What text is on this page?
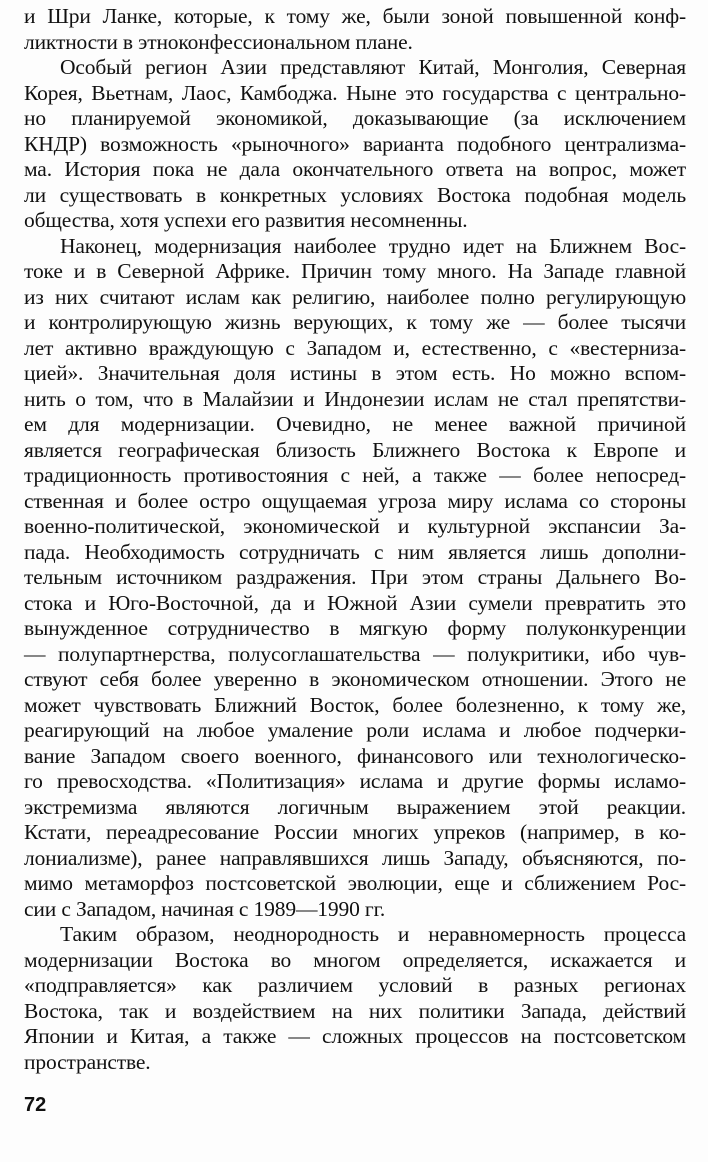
и Шри Ланке, которые, к тому же, были зоной повышенной конф-
ликтности в этноконфессиональном плане.
Особый регион Азии представляют Китай, Монголия, Северная
Корея, Вьетнам, Лаос, Камбоджа. Ныне это государства с центрально-
но планируемой экономикой, доказывающие (за исключением
КНДР) возможность «рыночного» варианта подобного централизма-
ма. История пока не дала окончательного ответа на вопрос, может
ли существовать в конкретных условиях Востока подобная модель
общества, хотя успехи его развития несомненны.
Наконец, модернизация наиболее трудно идет на Ближнем Вос-
токе и в Северной Африке. Причин тому много. На Западе главной
из них считают ислам как религию, наиболее полно регулирующую
и контролирующую жизнь верующих, к тому же — более тысячи
лет активно враждующую с Западом и, естественно, с «вестерниза-
цией». Значительная доля истины в этом есть. Но можно вспом-
нить о том, что в Малайзии и Индонезии ислам не стал препятстви-
ем для модернизации. Очевидно, не менее важной причиной
является географическая близость Ближнего Востока к Европе и
традиционность противостояния с ней, а также — более непосред-
ственная и более остро ощущаемая угроза миру ислама со стороны
военно-политической, экономической и культурной экспансии За-
пада. Необходимость сотрудничать с ним является лишь дополни-
тельным источником раздражения. При этом страны Дальнего Во-
стока и Юго-Восточной, да и Южной Азии сумели превратить это
вынужденное сотрудничество в мягкую форму полуконкуренции
— полупартнерства, полусоглашательства — полукритики, ибо чув-
ствуют себя более уверенно в экономическом отношении. Этого не
может чувствовать Ближний Восток, более болезненно, к тому же,
реагирующий на любое умаление роли ислама и любое подчерки-
вание Западом своего военного, финансового или технологическо-
го превосходства. «Политизация» ислама и другие формы исламо-
экстремизма являются логичным выражением этой реакции.
Кстати, переадресование России многих упреков (например, в ко-
лониализме), ранее направлявшихся лишь Западу, объясняются, по-
мимо метаморфоз постсоветской эволюции, еще и сближением Рос-
сии с Западом, начиная с 1989—1990 гг.
Таким образом, неоднородность и неравномерность процесса
модернизации Востока во многом определяется, искажается и
«подправляется» как различием условий в разных регионах
Востока, так и воздействием на них политики Запада, действий
Японии и Китая, а также — сложных процессов на постсоветском
пространстве.
72
